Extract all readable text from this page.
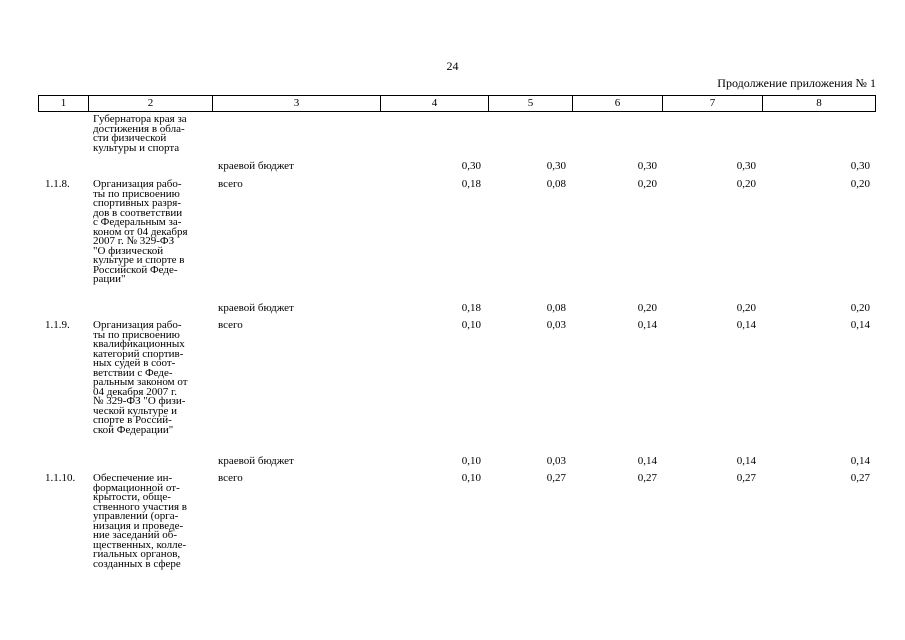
24
Продолжение приложения № 1
1	2	3	4	5	6	7	8
Губернатора края за
достижения в обла-
сти физической
культуры и спорта
краевой бюджет	0,30	0,30	0,30	0,30	0,30
1.1.8.	Организация рабо-
ты по присвоению
спортивных разря-
дов в соответствии
с Федеральным за-
коном от 04 декабря
2007 г. № 329-ФЗ
"О физической
культуре и спорте в
Российской Феде-
рации"
всего	0,18	0,08	0,20	0,20	0,20
краевой бюджет	0,18	0,08	0,20	0,20	0,20
1.1.9.	Организация рабо-
ты по присвоению
квалификационных
категорий спортив-
ных судей в соот-
ветствии с Феде-
ральным законом от
04 декабря 2007 г.
№ 329-ФЗ "О физи-
ческой культуре и
спорте в Россий-
ской Федерации"
всего	0,10	0,03	0,14	0,14	0,14
краевой бюджет	0,10	0,03	0,14	0,14	0,14
1.1.10.	Обеспечение ин-
формационной от-
крытости, обще-
ственного участия в
управлении (орга-
низация и проведе-
ние заседаний об-
щественных, колле-
гиальных органов,
созданных в сфере
всего	0,10	0,27	0,27	0,27	0,27
